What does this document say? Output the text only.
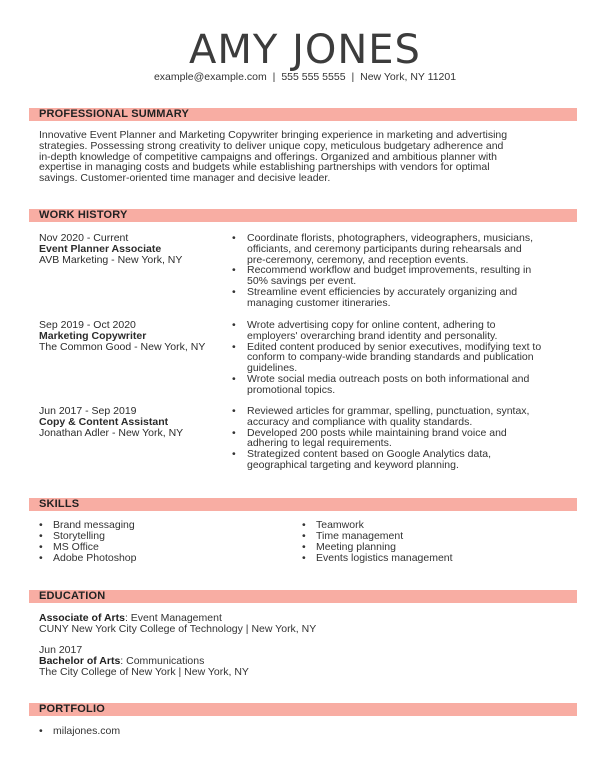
AMY JONES
example@example.com | 555 555 5555 | New York, NY 11201
PROFESSIONAL SUMMARY
Innovative Event Planner and Marketing Copywriter bringing experience in marketing and advertising
strategies. Possessing strong creativity to deliver unique copy, meticulous budgetary adherence and
in-depth knowledge of competitive campaigns and offerings. Organized and ambitious planner with
expertise in managing costs and budgets while establishing partnerships with vendors for optimal
savings. Customer-oriented time manager and decisive leader.
WORK HISTORY
Nov 2020 - Current
Event Planner Associate
AVB Marketing - New York, NY
• Coordinate florists, photographers, videographers, musicians,
officiants, and ceremony participants during rehearsals and
pre-ceremony, ceremony, and reception events.
• Recommend workflow and budget improvements, resulting in
50% savings per event.
• Streamline event efficiencies by accurately organizing and
managing customer itineraries.
Sep 2019 - Oct 2020
Marketing Copywriter
The Common Good - New York, NY
• Wrote advertising copy for online content, adhering to
employers' overarching brand identity and personality.
• Edited content produced by senior executives, modifying text to
conform to company-wide branding standards and publication
guidelines.
• Wrote social media outreach posts on both informational and
promotional topics.
Jun 2017 - Sep 2019
Copy & Content Assistant
Jonathan Adler - New York, NY
• Reviewed articles for grammar, spelling, punctuation, syntax,
accuracy and compliance with quality standards.
• Developed 200 posts while maintaining brand voice and
adhering to legal requirements.
• Strategized content based on Google Analytics data,
geographical targeting and keyword planning.
SKILLS
• Brand messaging
• Storytelling
• MS Office
• Adobe Photoshop
• Teamwork
• Time management
• Meeting planning
• Events logistics management
EDUCATION
Associate of Arts: Event Management
CUNY New York City College of Technology | New York, NY
Jun 2017
Bachelor of Arts: Communications
The City College of New York | New York, NY
PORTFOLIO
• milajones.com
